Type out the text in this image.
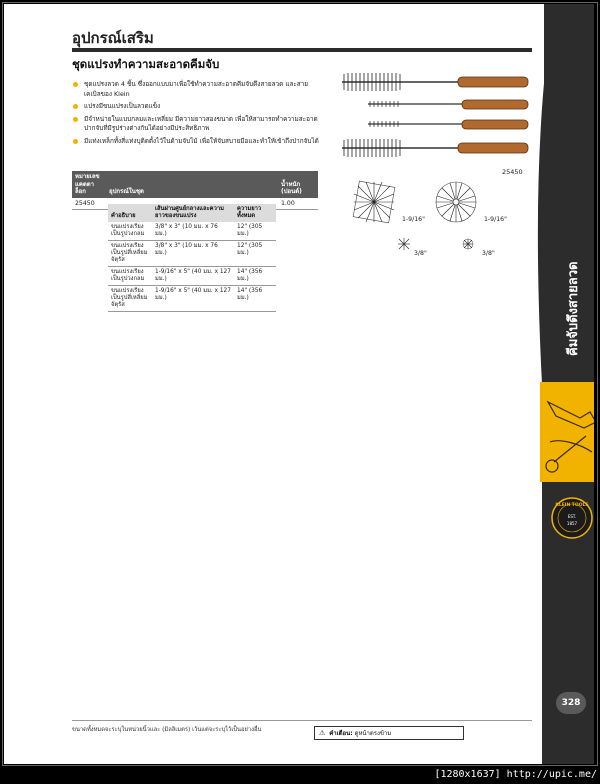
อุปกรณ์เสริม
ชุดแปรงทำความสะอาดคีมจับ
ชุดแปรงลวด 4 ชิ้น ซึ่งออกแบบมาเพื่อใช้ทำความสะอาดคีมจับดึงสายลวด และสายเคเบิลของ Klein
แปรงมีขนแปรงเป็นลวดแข็ง
มีจำหน่ายในแบบกลมและเหลี่ยม มีความยาวสองขนาด เพื่อให้สามารถทำความสะอาดปากจับที่มีรูปร่างต่างกันได้อย่างมีประสิทธิภาพ
มีแท่งเหล็กทั้งสี่แท่งบุติดตั้งไว้ในด้ามจับไม้ เพื่อให้จับสบายมือและทำให้เข้าถึงปากจับได้
หมายเลขแคตตาล็อก	อุปกรณ์ในชุด	น้ำหนัก (ปอนด์)
25450		1.00
คำอธิบาย	เส้นผ่านศูนย์กลางและความยาวของขนแปรง	ความยาวทั้งหมด
ขนแปรงเรียงเป็นรูปวงกลม	3/8" x 3" (10 มม. x 76 มม.)	12" (305 มม.)
ขนแปรงเรียงเป็นรูปสี่เหลี่ยมจัตุรัส	3/8" x 3" (10 มม. x 76 มม.)	12" (305 มม.)
ขนแปรงเรียงเป็นรูปวงกลม	1-9/16" x 5" (40 มม. x 127 มม.)	14" (356 มม.)
ขนแปรงเรียงเป็นรูปสี่เหลี่ยมจัตุรัส	1-9/16" x 5" (40 มม. x 127 มม.)	14" (356 มม.)
25450
1-9/16"	1-9/16"
3/8"	3/8"
คีมจับดึงสายลวด
KLEIN TOOLS
EST.
1857
328
ขนาดทั้งหมดจะระบุในหน่วยนิ้วและ (มิลลิเมตร) เว้นแต่จะระบุไว้เป็นอย่างอื่น	⚠ คำเตือน: ดูหน้าตรงข้าม
[1280x1637] http://upic.me/
